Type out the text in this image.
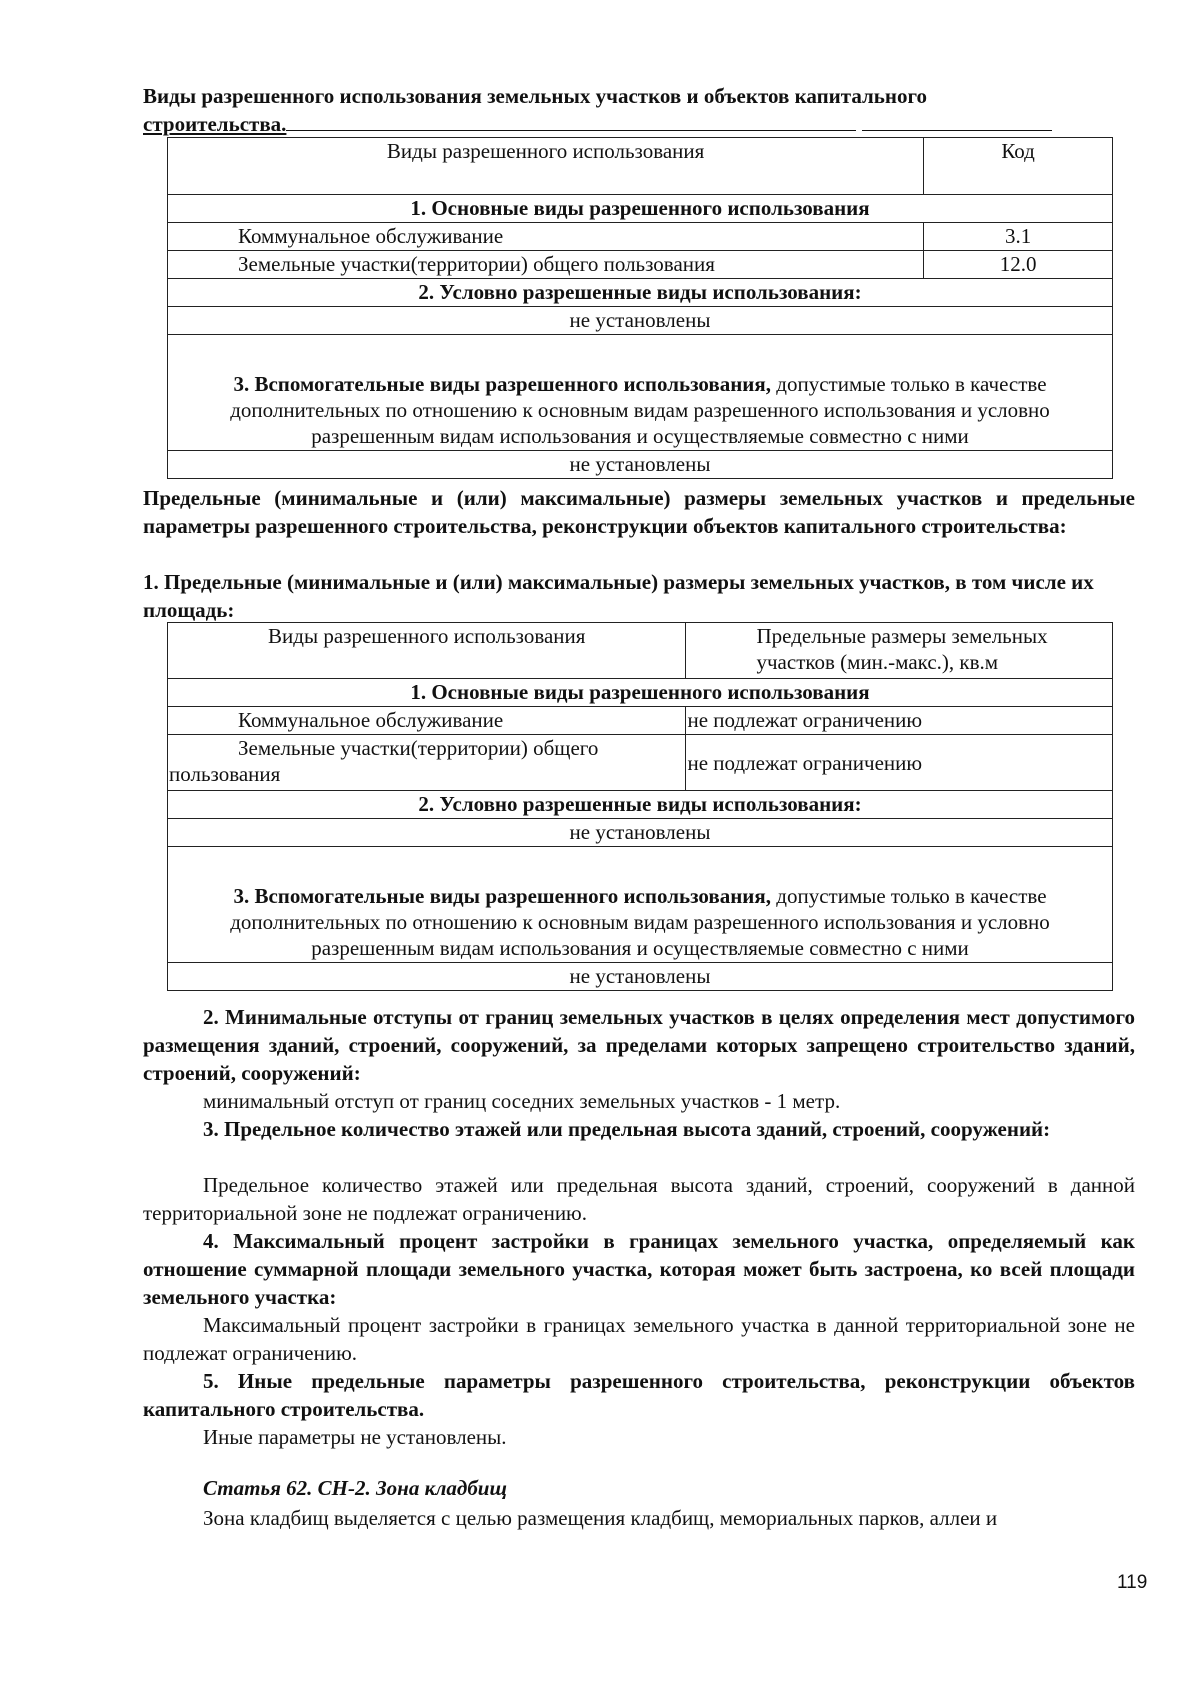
Виды разрешенного использования земельных участков и объектов капитального
строительства.
Виды разрешенного использования	Код
1. Основные виды разрешенного использования	
Коммунальное обслуживание	3.1
Земельные участки(территории) общего пользования	12.0
2. Условно разрешенные виды использования:	
не установлены	
3. Вспомогательные виды разрешенного использования, допустимые только в качестве дополнительных по отношению к основным видам разрешенного использования и условно разрешенным видам использования и осуществляемые совместно с ними	
не установлены	
Предельные (минимальные и (или) максимальные) размеры земельных участков и предельные параметры разрешенного строительства, реконструкции объектов капитального строительства:
1. Предельные (минимальные и (или) максимальные) размеры земельных участков, в том числе их площадь:
Виды разрешенного использования	Предельные размеры земельных участков (мин.-макс.), кв.м
1. Основные виды разрешенного использования	
Коммунальное обслуживание	не подлежат ограничению

Земельные участки(территории) общего
пользования	не подлежат ограничению
2. Условно разрешенные виды использования:	
не установлены	
3. Вспомогательные виды разрешенного использования, допустимые только в качестве дополнительных по отношению к основным видам разрешенного использования и условно разрешенным видам использования и осуществляемые совместно с ними	
не установлены	
2. Минимальные отступы от границ земельных участков в целях определения мест допустимого размещения зданий, строений, сооружений, за пределами которых запрещено строительство зданий, строений, сооружений:
минимальный отступ от границ соседних земельных участков - 1 метр.
3. Предельное количество этажей или предельная высота зданий, строений, сооружений:
Предельное количество этажей или предельная высота зданий, строений, сооружений в данной территориальной зоне не подлежат ограничению.
4. Максимальный процент застройки в границах земельного участка, определяемый как отношение суммарной площади земельного участка, которая может быть застроена, ко всей площади земельного участка:
Максимальный процент застройки в границах земельного участка в данной территориальной зоне не подлежат ограничению.
5. Иные предельные параметры разрешенного строительства, реконструкции объектов капитального строительства.
Иные параметры не установлены.
Статья 62. СН-2. Зона кладбищ
Зона кладбищ выделяется с целью размещения кладбищ, мемориальных парков, аллеи и
119
